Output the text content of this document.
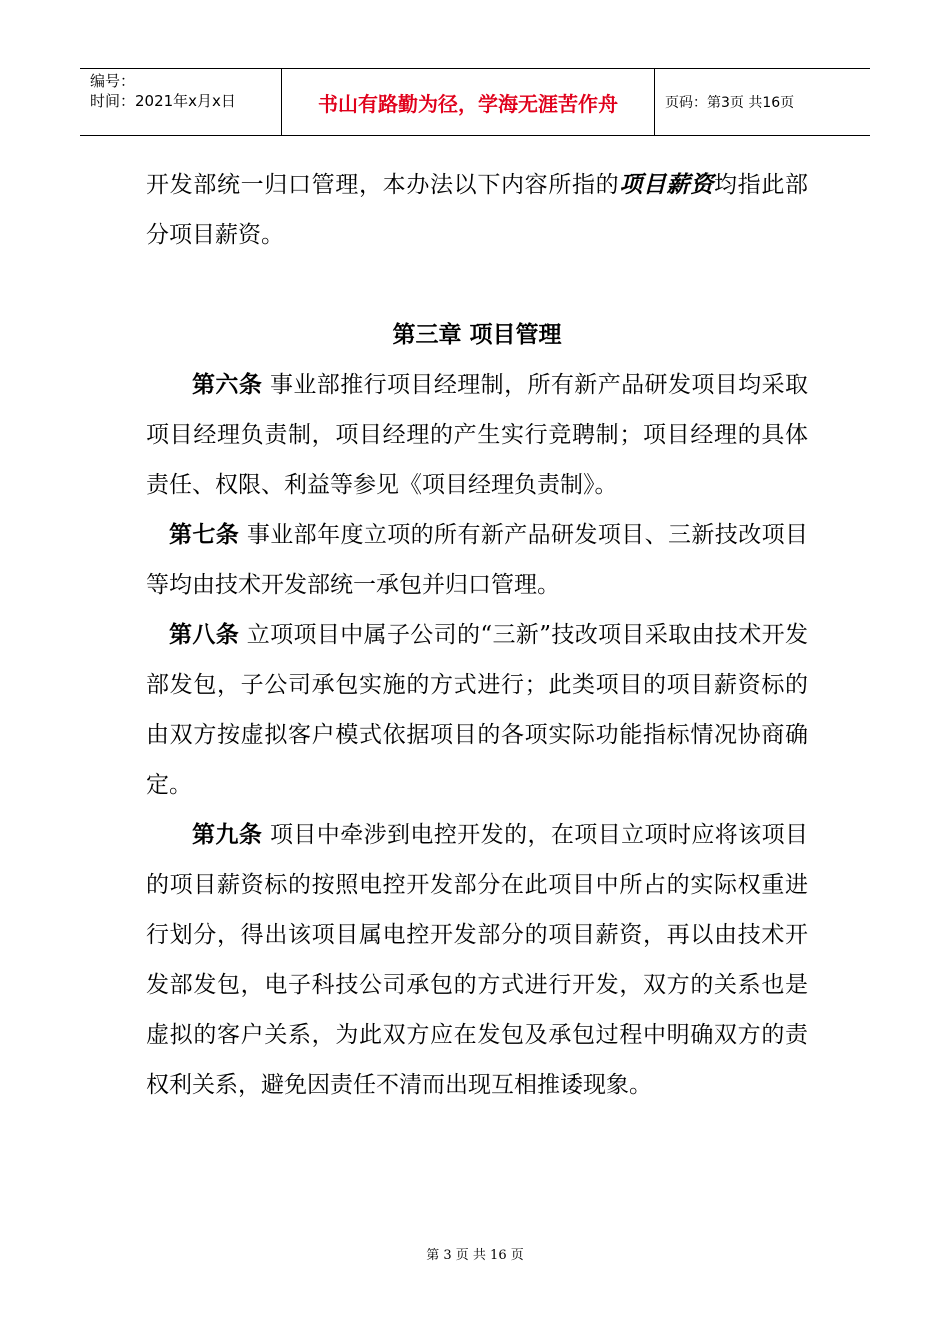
编号：
时间：2021年x月x日	书山有路勤为径，学海无涯苦作舟	页码：第3页 共16页

开发部统一归口管理，本办法以下内容所指的项目薪资均指此部分项目薪资。

第三章 项目管理

第六条 事业部推行项目经理制，所有新产品研发项目均采取项目经理负责制，项目经理的产生实行竞聘制；项目经理的具体责任、权限、利益等参见《项目经理负责制》。

第七条 事业部年度立项的所有新产品研发项目、三新技改项目等均由技术开发部统一承包并归口管理。

第八条 立项项目中属子公司的“三新”技改项目采取由技术开发部发包，子公司承包实施的方式进行；此类项目的项目薪资标的由双方按虚拟客户模式依据项目的各项实际功能指标情况协商确定。

第九条 项目中牵涉到电控开发的，在项目立项时应将该项目的项目薪资标的按照电控开发部分在此项目中所占的实际权重进行划分，得出该项目属电控开发部分的项目薪资，再以由技术开发部发包，电子科技公司承包的方式进行开发，双方的关系也是虚拟的客户关系，为此双方应在发包及承包过程中明确双方的责权利关系，避免因责任不清而出现互相推诿现象。

第 3 页 共 16 页
